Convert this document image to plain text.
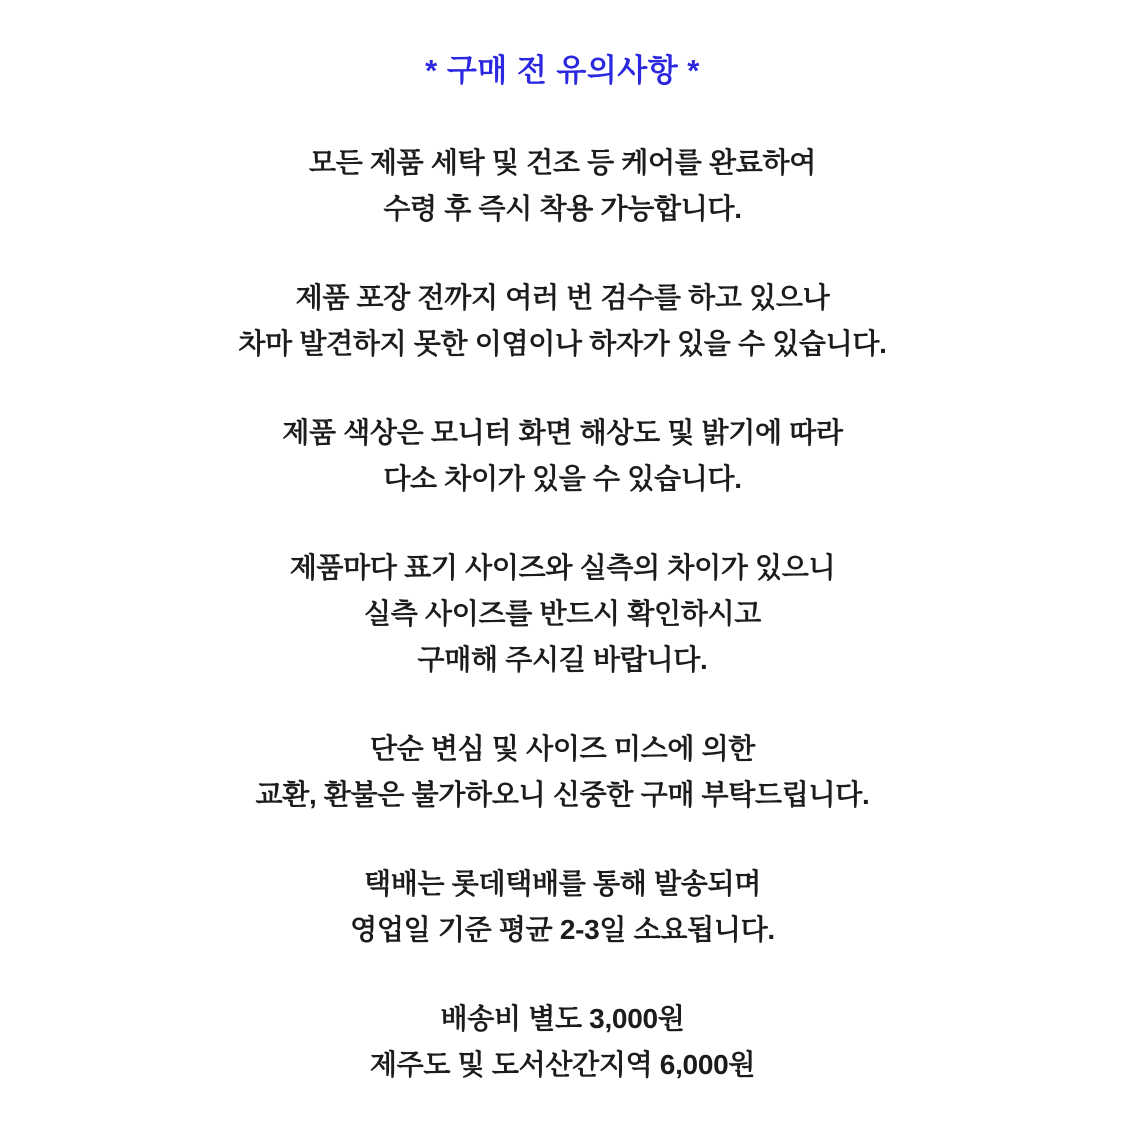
* 구매 전 유의사항 *

모든 제품 세탁 및 건조 등 케어를 완료하여
수령 후 즉시 착용 가능합니다.

제품 포장 전까지 여러 번 검수를 하고 있으나
차마 발견하지 못한 이염이나 하자가 있을 수 있습니다.

제품 색상은 모니터 화면 해상도 및 밝기에 따라
다소 차이가 있을 수 있습니다.

제품마다 표기 사이즈와 실측의 차이가 있으니
실측 사이즈를 반드시 확인하시고
구매해 주시길 바랍니다.

단순 변심 및 사이즈 미스에 의한
교환, 환불은 불가하오니 신중한 구매 부탁드립니다.

택배는 롯데택배를 통해 발송되며
영업일 기준 평균 2-3일 소요됩니다.

배송비 별도 3,000원
제주도 및 도서산간지역 6,000원
